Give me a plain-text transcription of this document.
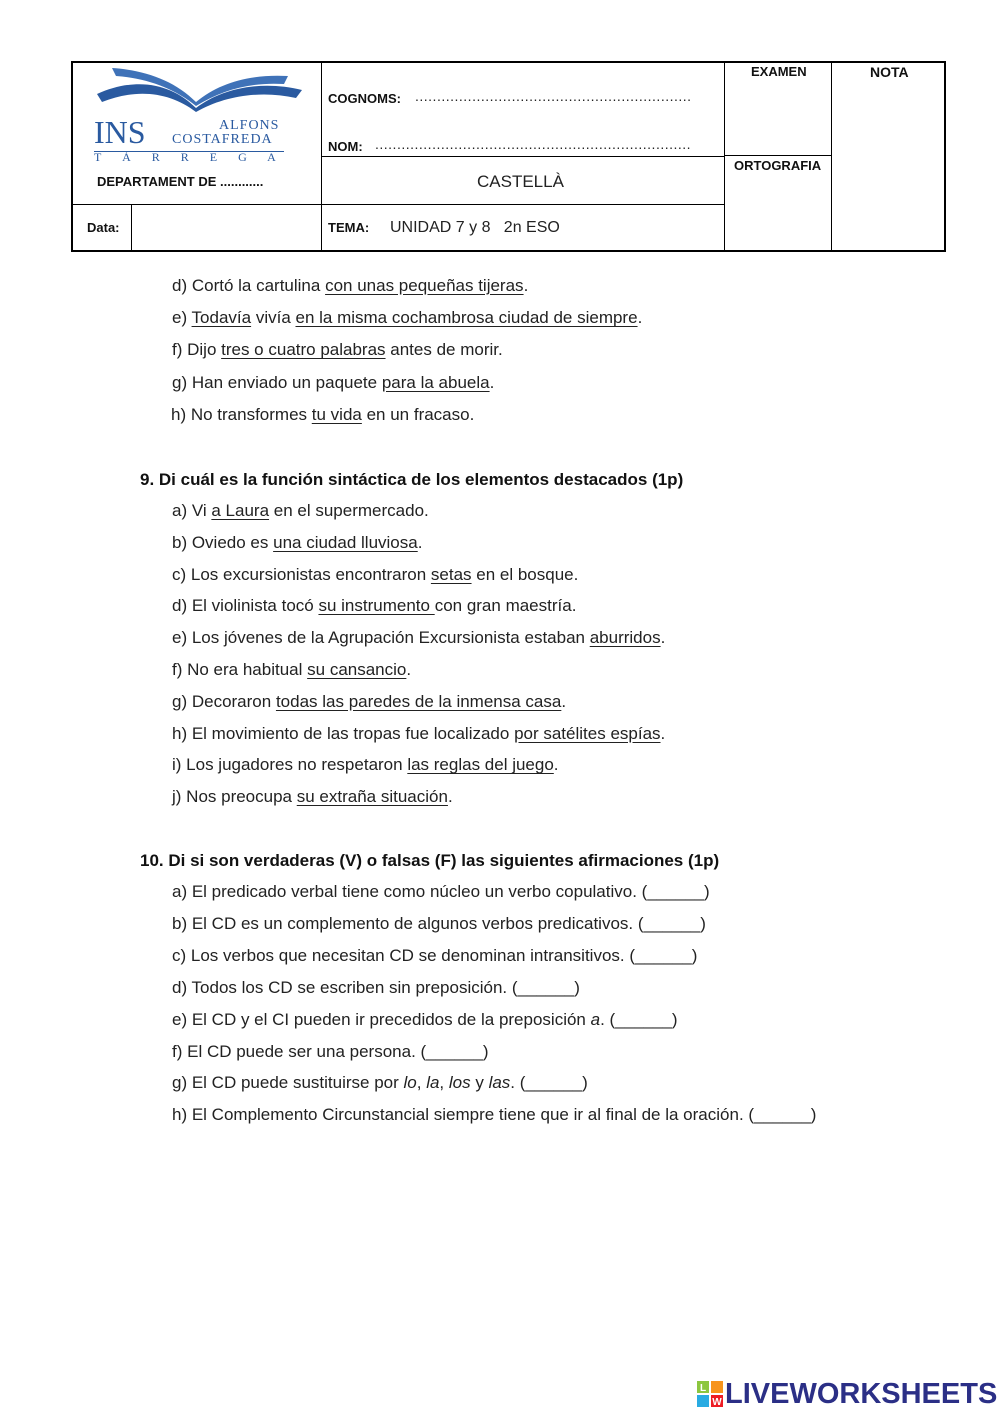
INS	ALFONS
COSTAFREDA
T À R R E G A
DEPARTAMENT DE ............
COGNOMS: ...............................................................
NOM: ........................................................................
CASTELLÀ
EXAMEN	NOTA
ORTOGRAFIA
Data:	TEMA: UNIDAD 7 y 8   2n ESO
d) Cortó la cartulina con unas pequeñas tijeras.
e) Todavía vivía en la misma cochambrosa ciudad de siempre.
f) Dijo tres o cuatro palabras antes de morir.
g) Han enviado un paquete para la abuela.
h) No transformes tu vida en un fracaso.
9. Di cuál es la función sintáctica de los elementos destacados (1p)
a) Vi a Laura en el supermercado.
b) Oviedo es una ciudad lluviosa.
c) Los excursionistas encontraron setas en el bosque.
d) El violinista tocó su instrumento con gran maestría.
e) Los jóvenes de la Agrupación Excursionista estaban aburridos.
f) No era habitual su cansancio.
g) Decoraron todas las paredes de la inmensa casa.
h) El movimiento de las tropas fue localizado por satélites espías.
i) Los jugadores no respetaron las reglas del juego.
j) Nos preocupa su extraña situación.
10. Di si son verdaderas (V) o falsas (F) las siguientes afirmaciones (1p)
a) El predicado verbal tiene como núcleo un verbo copulativo. (______)
b) El CD es un complemento de algunos verbos predicativos. (______)
c) Los verbos que necesitan CD se denominan intransitivos. (______)
d) Todos los CD se escriben sin preposición. (______)
e) El CD y el CI pueden ir precedidos de la preposición a. (______)
f) El CD puede ser una persona. (______)
g) El CD puede sustituirse por lo, la, los y las. (______)
h) El Complemento Circunstancial siempre tiene que ir al final de la oración. (______)
L
W LIVEWORKSHEETS
